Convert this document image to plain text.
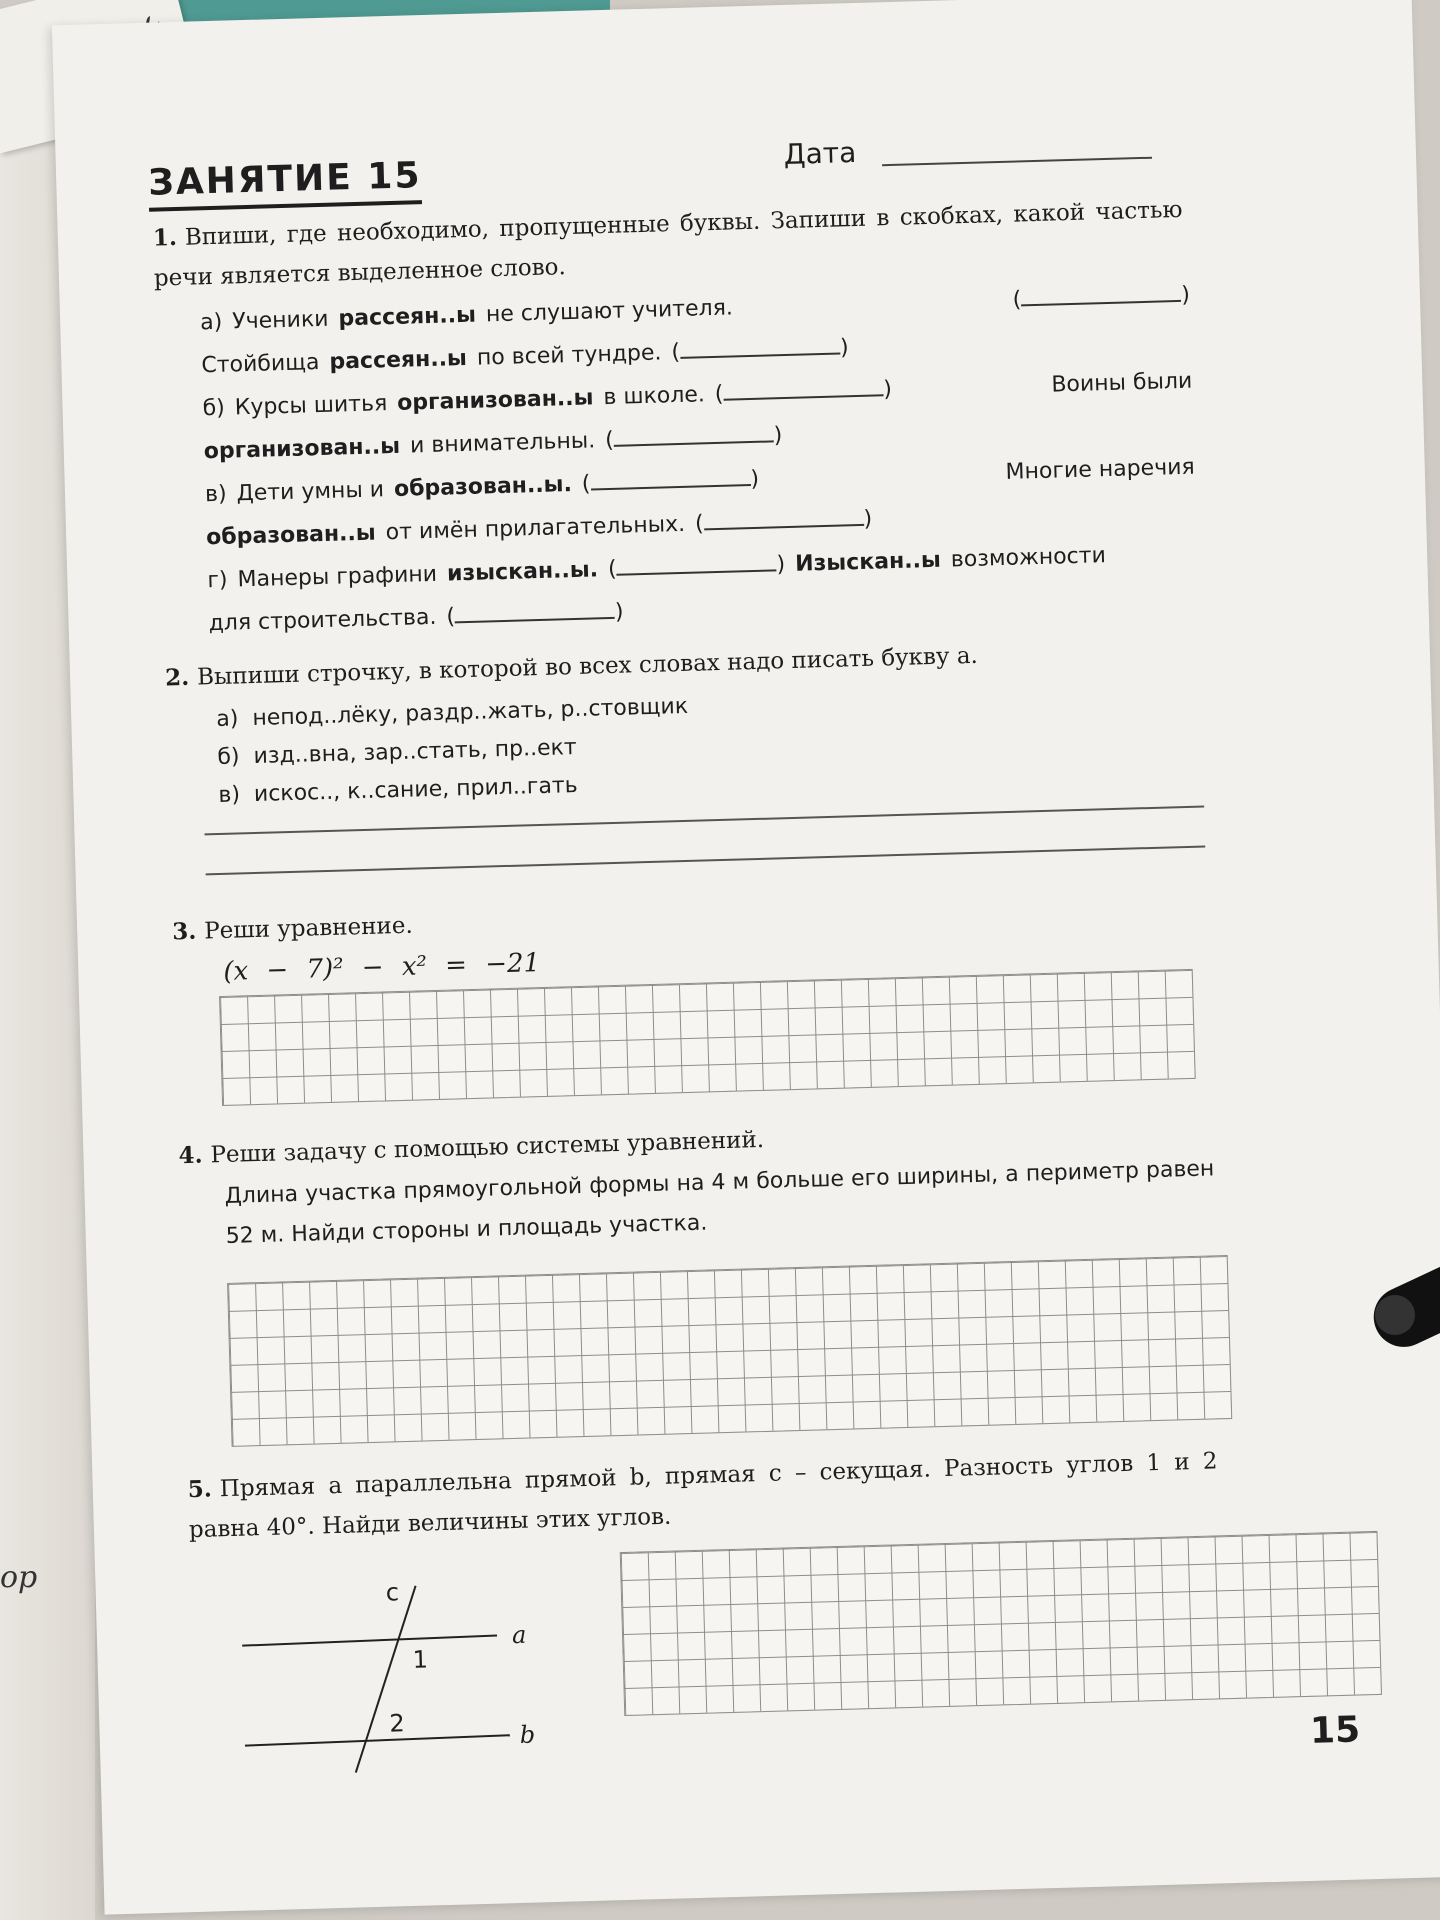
ор
ЗАНЯТИЕ 15
Дата
1. Впиши, где необходимо, пропущенные буквы. Запиши в скобках, какой частью речи является выделенное слово.
а) Ученики рассеян..ы не слушают учителя.	(	)
Стойбища рассеян..ы по всей тундре. (	)
б) Курсы шитья организован..ы в школе. (	)	Воины были
организован..ы и внимательны. (	)
в) Дети умны и образован..ы. (	)	Многие наречия
образован..ы от имён прилагательных. (	)
г) Манеры графини изыскан..ы. (	) Изыскан..ы возможности
для строительства. (	)
2. Выпиши строчку, в которой во всех словах надо писать букву а.
а) непод..лёку, раздр..жать, р..стовщик
б) изд..вна, зар..стать, пр..ект
в) искос.., к..сание, прил..гать
3. Реши уравнение.
(x − 7)² − x² = −21
4. Реши задачу с помощью системы уравнений.
Длина участка прямоугольной формы на 4 м больше его ширины, а периметр равен 52 м. Найди стороны и площадь участка.
5. Прямая a параллельна прямой b, прямая c – секущая. Разность углов 1 и 2 равна 40°. Найди величины этих углов.
c
a
b
1
2	15
